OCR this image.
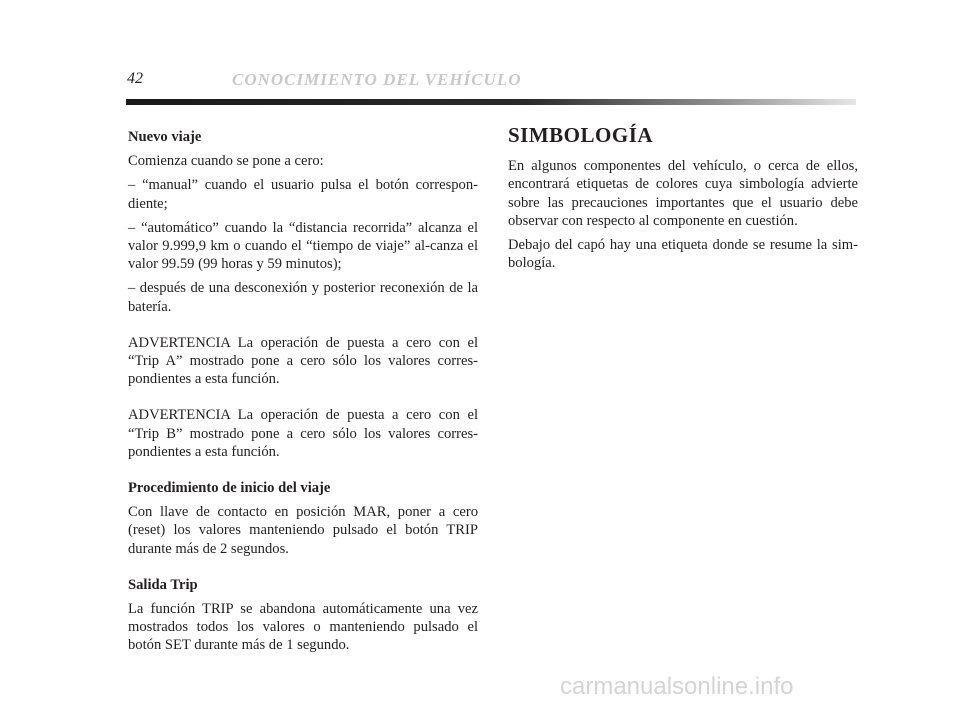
42	CONOCIMIENTO DEL VEHÍCULO
Nuevo viaje
Comienza cuando se pone a cero:
– “manual” cuando el usuario pulsa el botón correspon-diente;
– “automático” cuando la “distancia recorrida” alcanza el valor 9.999,9 km o cuando el “tiempo de viaje” al-canza el valor 99.59 (99 horas y 59 minutos);
– después de una desconexión y posterior reconexión de la batería.
ADVERTENCIA La operación de puesta a cero con el “Trip A” mostrado pone a cero sólo los valores corres-pondientes a esta función.
ADVERTENCIA La operación de puesta a cero con el “Trip B” mostrado pone a cero sólo los valores corres-pondientes a esta función.
Procedimiento de inicio del viaje
Con llave de contacto en posición MAR, poner a cero (reset) los valores manteniendo pulsado el botón TRIP durante más de 2 segundos.
Salida Trip
La función TRIP se abandona automáticamente una vez mostrados todos los valores o manteniendo pulsado el botón SET durante más de 1 segundo.
SIMBOLOGÍA
En algunos componentes del vehículo, o cerca de ellos, encontrará etiquetas de colores cuya simbología advierte sobre las precauciones importantes que el usuario debe observar con respecto al componente en cuestión.
Debajo del capó hay una etiqueta donde se resume la sim-bología.
carmanualsonline.info
